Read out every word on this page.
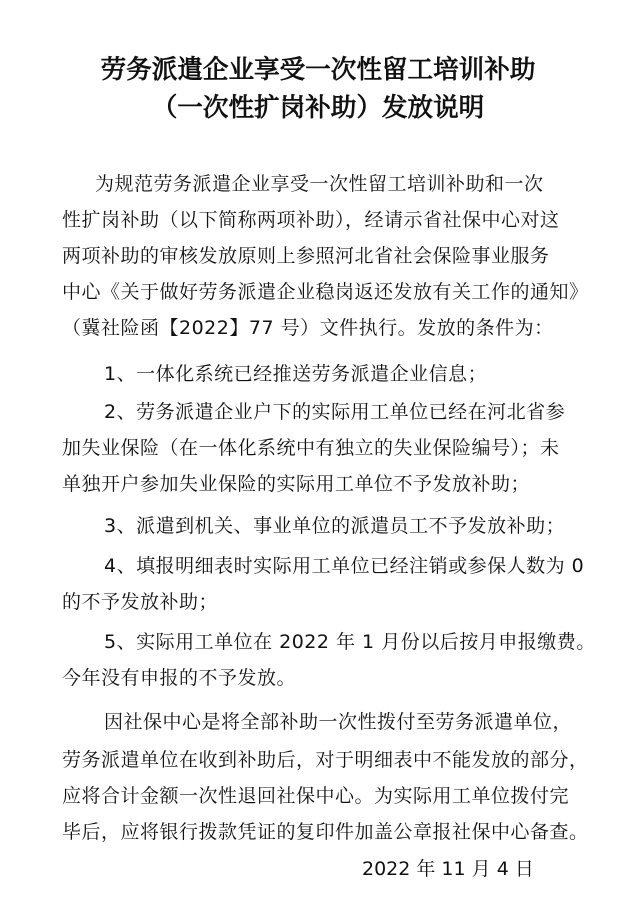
劳务派遣企业享受一次性留工培训补助
（一次性扩岗补助）发放说明
为规范劳务派遣企业享受一次性留工培训补助和一次
性扩岗补助（以下简称两项补助），经请示省社保中心对这
两项补助的审核发放原则上参照河北省社会保险事业服务
中心《关于做好劳务派遣企业稳岗返还发放有关工作的通知》
（冀社险函【2022】77 号）文件执行。发放的条件为：
1、一体化系统已经推送劳务派遣企业信息；
2、劳务派遣企业户下的实际用工单位已经在河北省参
加失业保险（在一体化系统中有独立的失业保险编号）；未
单独开户参加失业保险的实际用工单位不予发放补助；
3、派遣到机关、事业单位的派遣员工不予发放补助；
4、填报明细表时实际用工单位已经注销或参保人数为 0
的不予发放补助；
5、实际用工单位在 2022 年 1 月份以后按月申报缴费。
今年没有申报的不予发放。
因社保中心是将全部补助一次性拨付至劳务派遣单位，
劳务派遣单位在收到补助后，对于明细表中不能发放的部分，
应将合计金额一次性退回社保中心。为实际用工单位拨付完
毕后，应将银行拨款凭证的复印件加盖公章报社保中心备查。
2022 年 11 月 4 日
